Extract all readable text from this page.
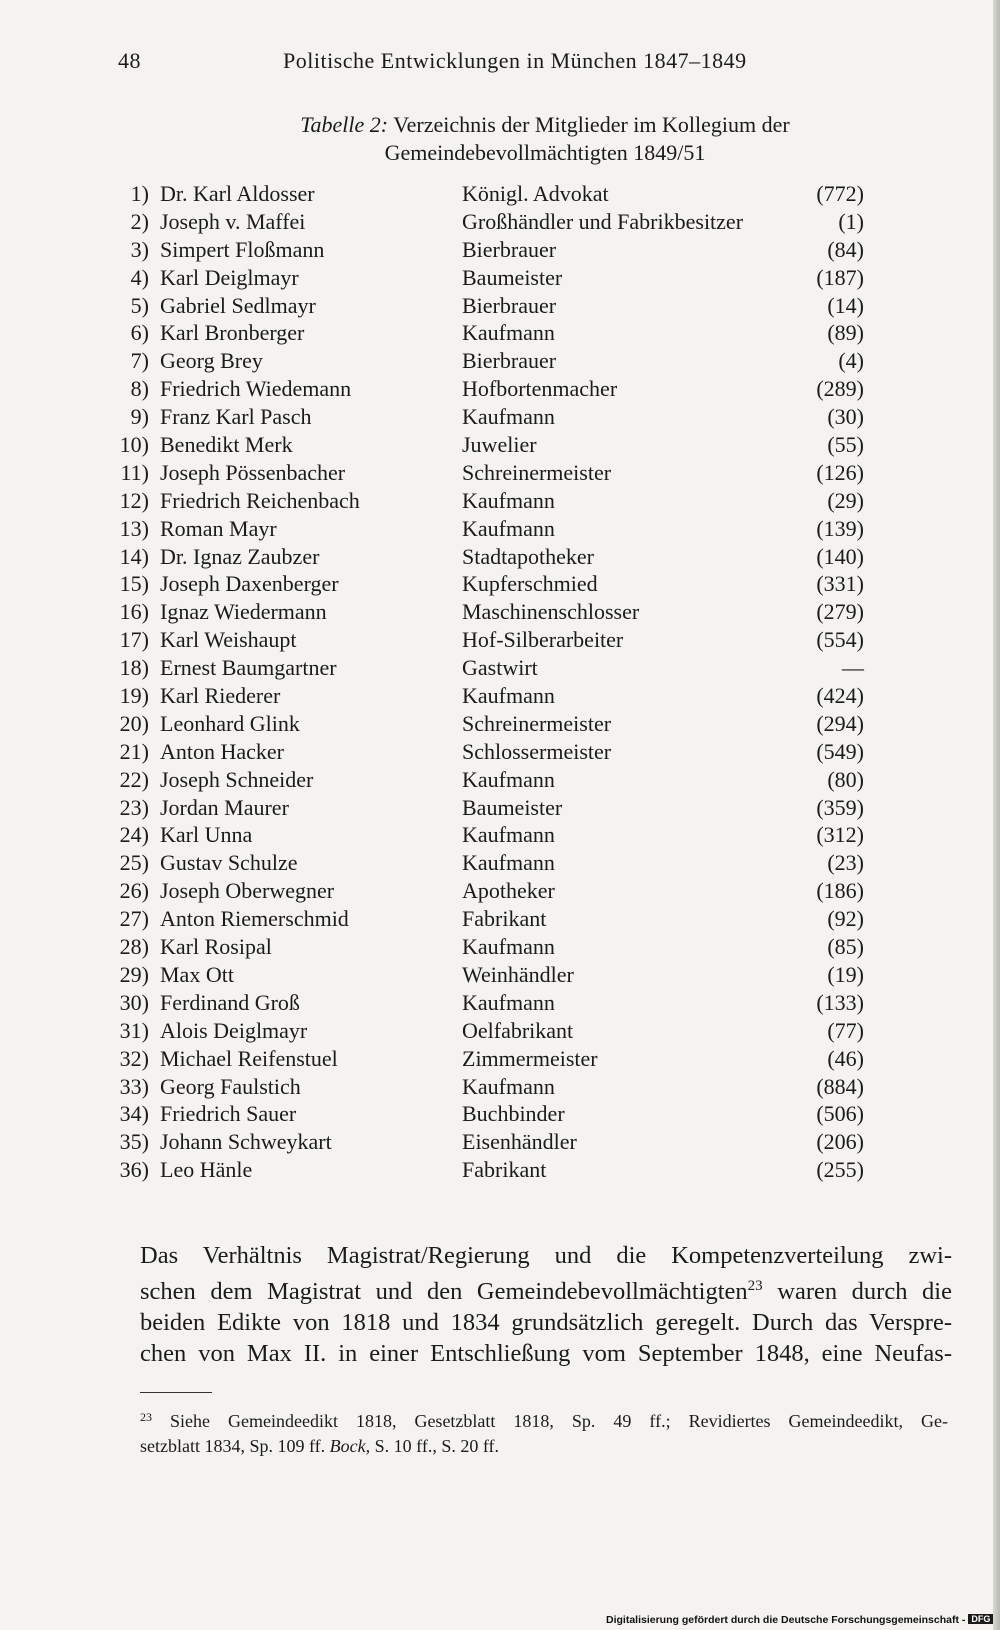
48	Politische Entwicklungen in München 1847–1849
Tabelle 2: Verzeichnis der Mitglieder im Kollegium der
Gemeindebevollmächtigten 1849/51
1) Dr. Karl Aldosser	Königl. Advokat	(772)
2) Joseph v. Maffei	Großhändler und Fabrikbesitzer	(1)
3) Simpert Floßmann	Bierbrauer	(84)
4) Karl Deiglmayr	Baumeister	(187)
5) Gabriel Sedlmayr	Bierbrauer	(14)
6) Karl Bronberger	Kaufmann	(89)
7) Georg Brey	Bierbrauer	(4)
8) Friedrich Wiedemann	Hofbortenmacher	(289)
9) Franz Karl Pasch	Kaufmann	(30)
10) Benedikt Merk	Juwelier	(55)
11) Joseph Pössenbacher	Schreinermeister	(126)
12) Friedrich Reichenbach	Kaufmann	(29)
13) Roman Mayr	Kaufmann	(139)
14) Dr. Ignaz Zaubzer	Stadtapotheker	(140)
15) Joseph Daxenberger	Kupferschmied	(331)
16) Ignaz Wiedermann	Maschinenschlosser	(279)
17) Karl Weishaupt	Hof-Silberarbeiter	(554)
18) Ernest Baumgartner	Gastwirt	—
19) Karl Riederer	Kaufmann	(424)
20) Leonhard Glink	Schreinermeister	(294)
21) Anton Hacker	Schlossermeister	(549)
22) Joseph Schneider	Kaufmann	(80)
23) Jordan Maurer	Baumeister	(359)
24) Karl Unna	Kaufmann	(312)
25) Gustav Schulze	Kaufmann	(23)
26) Joseph Oberwegner	Apotheker	(186)
27) Anton Riemerschmid	Fabrikant	(92)
28) Karl Rosipal	Kaufmann	(85)
29) Max Ott	Weinhändler	(19)
30) Ferdinand Groß	Kaufmann	(133)
31) Alois Deiglmayr	Oelfabrikant	(77)
32) Michael Reifenstuel	Zimmermeister	(46)
33) Georg Faulstich	Kaufmann	(884)
34) Friedrich Sauer	Buchbinder	(506)
35) Johann Schweykart	Eisenhändler	(206)
36) Leo Hänle	Fabrikant	(255)
Das Verhältnis Magistrat/Regierung und die Kompetenzverteilung zwi-
schen dem Magistrat und den Gemeindebevollmächtigten$^{23}$ waren durch die
beiden Edikte von 1818 und 1834 grundsätzlich geregelt. Durch das Verspre-
chen von Max II. in einer Entschließung vom September 1848, eine Neufas-
$^{23}$ Siehe Gemeindeedikt 1818, Gesetzblatt 1818, Sp. 49 ff.; Revidiertes Gemeindeedikt, Ge-
setzblatt 1834, Sp. 109 ff. Bock, S. 10 ff., S. 20 ff.
Digitalisierung gefördert durch die Deutsche Forschungsgemeinschaft - DFG
